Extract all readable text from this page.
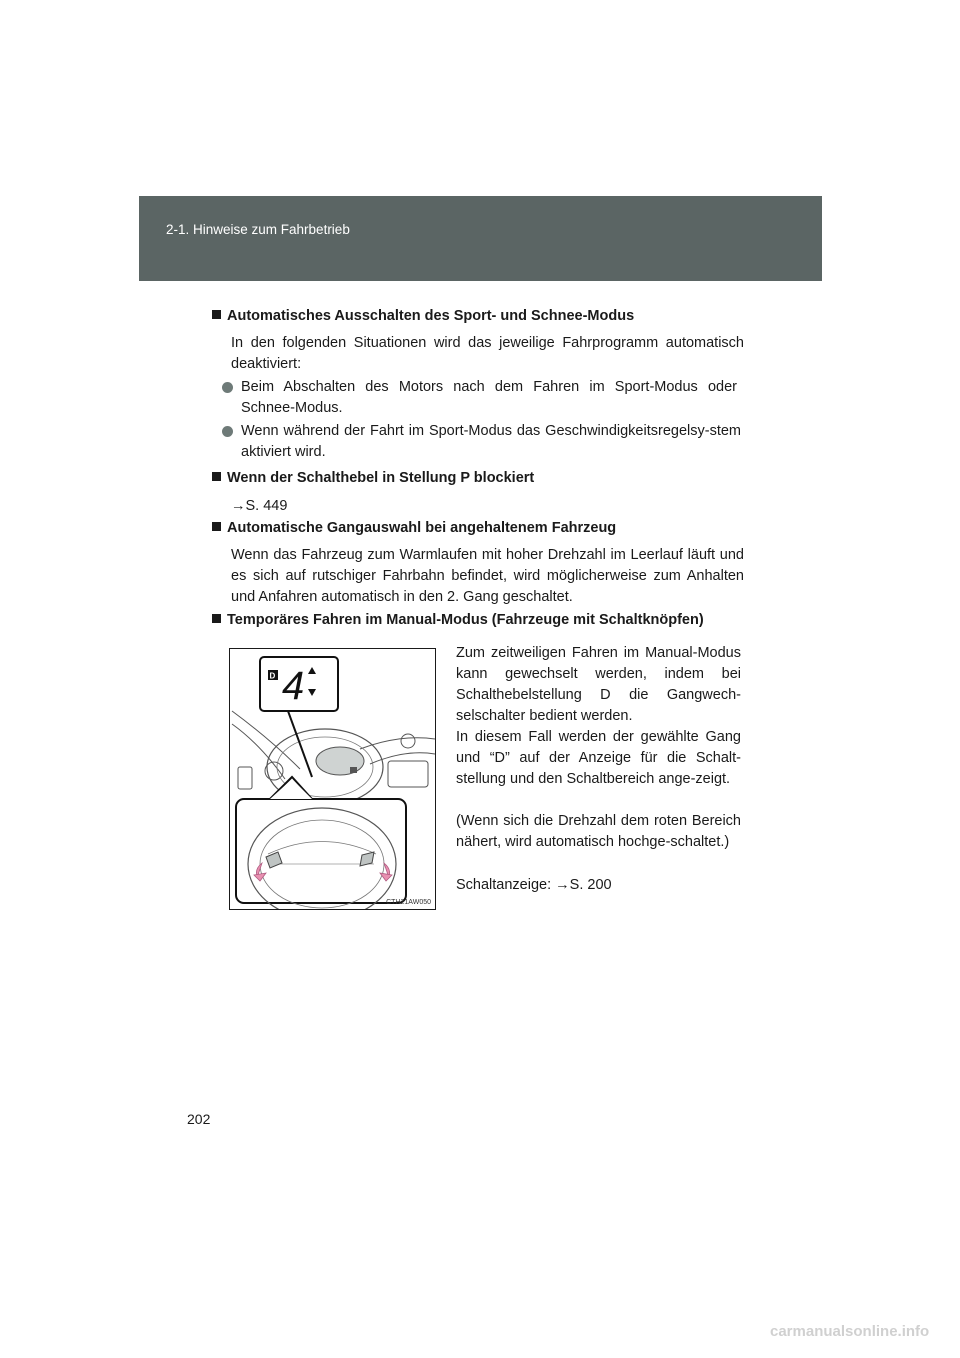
2-1. Hinweise zum Fahrbetrieb
Automatisches Ausschalten des Sport- und Schnee-Modus
In den folgenden Situationen wird das jeweilige Fahrprogramm automatisch deaktiviert:
Beim Abschalten des Motors nach dem Fahren im Sport-Modus oder Schnee-Modus.
Wenn während der Fahrt im Sport-Modus das Geschwindigkeitsregelsy-stem aktiviert wird.
Wenn der Schalthebel in Stellung P blockiert
→S. 449
Automatische Gangauswahl bei angehaltenem Fahrzeug
Wenn das Fahrzeug zum Warmlaufen mit hoher Drehzahl im Leerlauf läuft und es sich auf rutschiger Fahrbahn befindet, wird möglicherweise zum Anhalten und Anfahren automatisch in den 2. Gang geschaltet.
Temporäres Fahren im Manual-Modus (Fahrzeuge mit Schaltknöpfen)
D 4
CTH21AW050
Zum zeitweiligen Fahren im Manual-Modus kann gewechselt werden, indem bei Schalthebelstellung D die Gangwech-selschalter bedient werden.
In diesem Fall werden der gewählte Gang und “D” auf der Anzeige für die Schalt-stellung und den Schaltbereich ange-zeigt.
(Wenn sich die Drehzahl dem roten Bereich nähert, wird automatisch hochge-schaltet.)
Schaltanzeige: →S. 200
202
carmanualsonline.info
